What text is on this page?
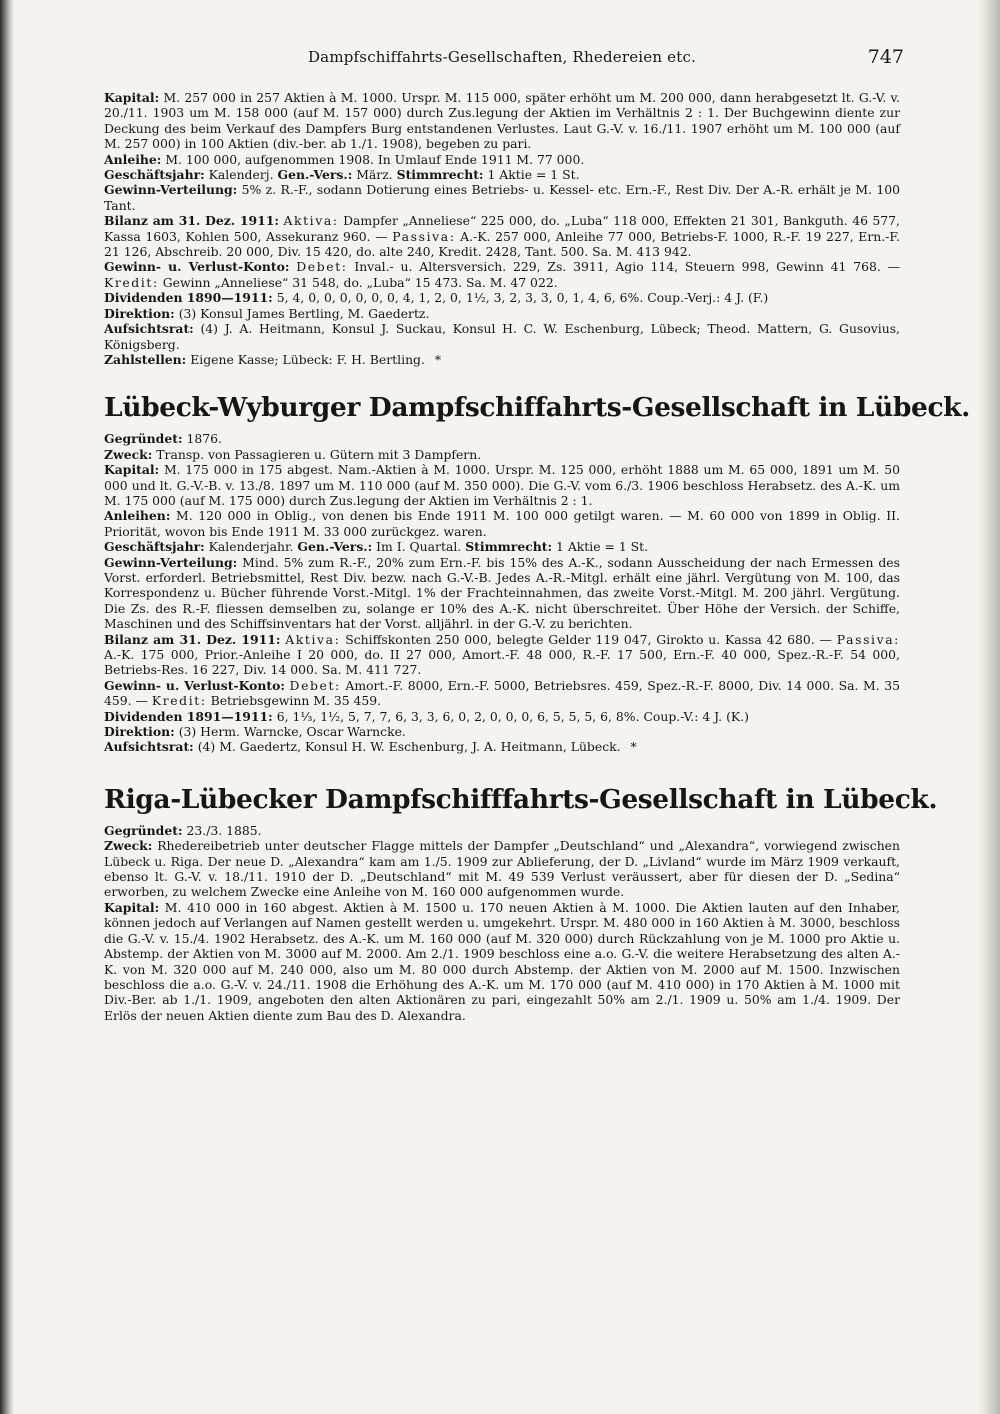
Dampfschiffahrts-Gesellschaften, Rhedereien etc.	747

Kapital: M. 257 000 in 257 Aktien à M. 1000. Urspr. M. 115 000, später erhöht um M. 200 000, dann herabgesetzt lt. G.-V. v. 20./11. 1903 um M. 158 000 (auf M. 157 000) durch Zus.legung der Aktien im Verhältnis 2 : 1. Der Buchgewinn diente zur Deckung des beim Verkauf des Dampfers Burg entstandenen Verlustes. Laut G.-V. v. 16./11. 1907 erhöht um M. 100 000 (auf M. 257 000) in 100 Aktien (div.-ber. ab 1./1. 1908), begeben zu pari.

Anleihe: M. 100 000, aufgenommen 1908. In Umlauf Ende 1911 M. 77 000.

Geschäftsjahr: Kalenderj. Gen.-Vers.: März. Stimmrecht: 1 Aktie = 1 St.

Gewinn-Verteilung: 5% z. R.-F., sodann Dotierung eines Betriebs- u. Kessel- etc. Ern.-F., Rest Div. Der A.-R. erhält je M. 100 Tant.

Bilanz am 31. Dez. 1911: Aktiva: Dampfer „Anneliese“ 225 000, do. „Luba“ 118 000, Effekten 21 301, Bankguth. 46 577, Kassa 1603, Kohlen 500, Assekuranz 960. — Passiva: A.-K. 257 000, Anleihe 77 000, Betriebs-F. 1000, R.-F. 19 227, Ern.-F. 21 126, Abschreib. 20 000, Div. 15 420, do. alte 240, Kredit. 2428, Tant. 500. Sa. M. 413 942.

Gewinn- u. Verlust-Konto: Debet: Inval.- u. Altersversich. 229, Zs. 3911, Agio 114, Steuern 998, Gewinn 41 768. — Kredit: Gewinn „Anneliese“ 31 548, do. „Luba“ 15 473. Sa. M. 47 022.

Dividenden 1890—1911: 5, 4, 0, 0, 0, 0, 0, 0, 4, 1, 2, 0, 1½, 3, 2, 3, 3, 0, 1, 4, 6, 6%. Coup.-Verj.: 4 J. (F.)

Direktion: (3) Konsul James Bertling, M. Gaedertz.

Aufsichtsrat: (4) J. A. Heitmann, Konsul J. Suckau, Konsul H. C. W. Eschenburg, Lübeck; Theod. Mattern, G. Gusovius, Königsberg.

Zahlstellen: Eigene Kasse; Lübeck: F. H. Bertling. *

Lübeck-Wyburger Dampfschiffahrts-Gesellschaft in Lübeck.

Gegründet: 1876.

Zweck: Transp. von Passagieren u. Gütern mit 3 Dampfern.

Kapital: M. 175 000 in 175 abgest. Nam.-Aktien à M. 1000. Urspr. M. 125 000, erhöht 1888 um M. 65 000, 1891 um M. 50 000 und lt. G.-V.-B. v. 13./8. 1897 um M. 110 000 (auf M. 350 000). Die G.-V. vom 6./3. 1906 beschloss Herabsetz. des A.-K. um M. 175 000 (auf M. 175 000) durch Zus.legung der Aktien im Verhältnis 2 : 1.

Anleihen: M. 120 000 in Oblig., von denen bis Ende 1911 M. 100 000 getilgt waren. — M. 60 000 von 1899 in Oblig. II. Priorität, wovon bis Ende 1911 M. 33 000 zurückgez. waren.

Geschäftsjahr: Kalenderjahr. Gen.-Vers.: Im I. Quartal. Stimmrecht: 1 Aktie = 1 St.

Gewinn-Verteilung: Mind. 5% zum R.-F., 20% zum Ern.-F. bis 15% des A.-K., sodann Ausscheidung der nach Ermessen des Vorst. erforderl. Betriebsmittel, Rest Div. bezw. nach G.-V.-B. Jedes A.-R.-Mitgl. erhält eine jährl. Vergütung von M. 100, das Korrespondenz u. Bücher führende Vorst.-Mitgl. 1% der Frachteinnahmen, das zweite Vorst.-Mitgl. M. 200 jährl. Vergütung. Die Zs. des R.-F. fliessen demselben zu, solange er 10% des A.-K. nicht überschreitet. Über Höhe der Versich. der Schiffe, Maschinen und des Schiffsinventars hat der Vorst. alljährl. in der G.-V. zu berichten.

Bilanz am 31. Dez. 1911: Aktiva: Schiffskonten 250 000, belegte Gelder 119 047, Girokto u. Kassa 42 680. — Passiva: A.-K. 175 000, Prior.-Anleihe I 20 000, do. II 27 000, Amort.-F. 48 000, R.-F. 17 500, Ern.-F. 40 000, Spez.-R.-F. 54 000, Betriebs-Res. 16 227, Div. 14 000. Sa. M. 411 727.

Gewinn- u. Verlust-Konto: Debet: Amort.-F. 8000, Ern.-F. 5000, Betriebsres. 459, Spez.-R.-F. 8000, Div. 14 000. Sa. M. 35 459. — Kredit: Betriebsgewinn M. 35 459.

Dividenden 1891—1911: 6, 1⅓, 1½, 5, 7, 7, 6, 3, 3, 6, 0, 2, 0, 0, 0, 6, 5, 5, 5, 6, 8%. Coup.-V.: 4 J. (K.)

Direktion: (3) Herm. Warncke, Oscar Warncke.

Aufsichtsrat: (4) M. Gaedertz, Konsul H. W. Eschenburg, J. A. Heitmann, Lübeck. *

Riga-Lübecker Dampfschifffahrts-Gesellschaft in Lübeck.

Gegründet: 23./3. 1885.

Zweck: Rhedereibetrieb unter deutscher Flagge mittels der Dampfer „Deutschland“ und „Alexandra“, vorwiegend zwischen Lübeck u. Riga. Der neue D. „Alexandra“ kam am 1./5. 1909 zur Ablieferung, der D. „Livland“ wurde im März 1909 verkauft, ebenso lt. G.-V. v. 18./11. 1910 der D. „Deutschland“ mit M. 49 539 Verlust veräussert, aber für diesen der D. „Sedina“ erworben, zu welchem Zwecke eine Anleihe von M. 160 000 aufgenommen wurde.

Kapital: M. 410 000 in 160 abgest. Aktien à M. 1500 u. 170 neuen Aktien à M. 1000. Die Aktien lauten auf den Inhaber, können jedoch auf Verlangen auf Namen gestellt werden u. umgekehrt. Urspr. M. 480 000 in 160 Aktien à M. 3000, beschloss die G.-V. v. 15./4. 1902 Herabsetz. des A.-K. um M. 160 000 (auf M. 320 000) durch Rückzahlung von je M. 1000 pro Aktie u. Abstemp. der Aktien von M. 3000 auf M. 2000. Am 2./1. 1909 beschloss eine a.o. G.-V. die weitere Herabsetzung des alten A.-K. von M. 320 000 auf M. 240 000, also um M. 80 000 durch Abstemp. der Aktien von M. 2000 auf M. 1500. Inzwischen beschloss die a.o. G.-V. v. 24./11. 1908 die Erhöhung des A.-K. um M. 170 000 (auf M. 410 000) in 170 Aktien à M. 1000 mit Div.-Ber. ab 1./1. 1909, angeboten den alten Aktionären zu pari, eingezahlt 50% am 2./1. 1909 u. 50% am 1./4. 1909. Der Erlös der neuen Aktien diente zum Bau des D. Alexandra.
